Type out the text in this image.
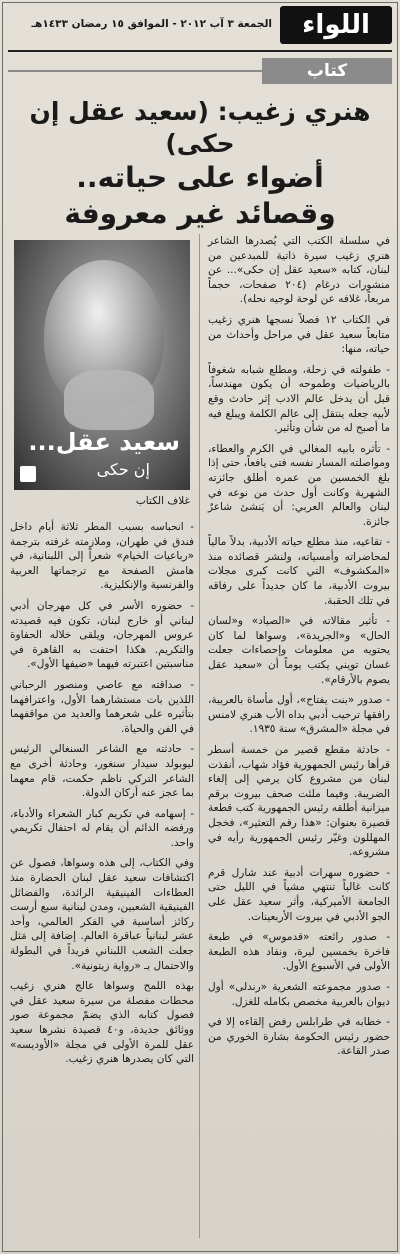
اللواء
الجمعة ٣ آب ٢٠١٢ - الموافق ١٥ رمضان ١٤٣٣هـ
كتاب
هنري زغيب: (سعيد عقل إن حكى)
أضواء على حياته..
وقصائد غير معروفة

في سلسلة الكتب التي يُصدرها الشاعر هنري زغيب سيرة ذاتية للمبدعين من لبنان، كتابه «سعيد عقل إن حكى»... عن منشورات درغام (٢٠٤ صفحات، حجماً مربعاً، غلافه عن لوحة لوجيه نحله).

في الكتاب ١٢ فصلاً نسجها هنري زغيب متابعاً سعيد عقل في مراحل وأحداث من حياته، منها:

- طفولته في زحلة، ومطلع شبابه شغوفاً بالرياضيات وطموحه أن يكون مهندساً، قبل أن يدخل عالم الادب إثر حادث وقع لأبيه جعله ينتقل إلى عالم الكلمة ويبلغ فيه ما أصبح له من شأن وتأثير.

- تأثره بابيه المغالي في الكرم والعطاء، ومواصلته المسار نفسه فتى يافعاً، حتى إذا بلغ الخمسين من عمره أطلق جائزته الشهرية وكانت أول حدث من نوعه في لبنان والعالم العربي: أن يَنشئ شاعرٌ جائزة.

- تقاعيه، منذ مطلع حياته الأدبية، بدلاً مالياً لمحاضراته وأمسياته، ولنشر قصائده منذ «المكشوف» التي كانت كبرى مجلات بيروت الأدبية، ما كان جديداً على رفاقه في تلك الحقبة.

- تأثير مقالاته في «الصياد» و«لسان الحال» و«الجريدة»، وسواها لما كان يحتويه من معلومات وإحصاءات جعلت غسان تويني يكتب يوماً أن «سعيد عقل يصوم بالأرقام».

- صدور «بنت يفتاح»، أول مأساة بالعربية، رافقها ترحيب أدبي بداه الأب هنري لامنس في مجلة «المشرق» سنة ١٩٣٥.

- حادثة مقطع قصير من خمسة أسطر قرأها رئيس الجمهورية فؤاد شهاب، أنقذت لبنان من مشروع كان يرمي إلى إلغاء الضريبة. وفيما ملئت صحف بيروت برقم ميزانية أطلقه رئيس الجمهورية كتب قطعة قصيرة بعنوان: «هذا رقم التعثير»، فخجل المهللون وغيّر رئيس الجمهورية رأيه في مشروعه.

- حضوره سهرات أدبية عند شارل قرم كانت غالباً تنتهي مشياً في الليل حتى الجامعة الأميركية، وأثر سعيد عقل على الجو الأدبي في بيروت الأربعينات.

- صدور رائعته «قدموس» في طبعة فاخرة بخمسين ليرة، ونفاد هذه الطبعة الأولى في الأسبوع الأول.

- صدور مجموعته الشعرية «رندلى» أول ديوان بالعربية مخصص بكامله للغزل.

- خطابه في طرابلس رفض إلقاءه إلا في حضور رئيس الحكومة بشارة الخوري من صدر القاعة.

سعيد عقل...
إن حكى
غلاف الكتاب

- انحباسه بسبب المطر ثلاثة أيام داخل فندق في طهران، وملازمته غرفته بترجمة «رباعيات الخيام» شعراً إلى اللبنانية، في هامش الصفحة مع ترجماتها العربية والفرنسية والإنكليزية.

- حضوره الأسر في كل مهرجان أدبي لبناني أو خارج لبنان، تكون فيه قصيدته عروس المهرجان، ويلقى خلاله الحفاوة والتكريم. هكذا احتفت به القاهرة في مناسبتين اعتبرته فيهما «ضيفها الأول».

- صداقته مع عاصي ومنصور الرحباني اللذين بات مستشارهما الأول، واعترافهما بتأثيره على شعرهما والعديد من مواقفهما في الفن والحياة.

- حادثته مع الشاعر السنغالي الرئيس ليوبولد سيدار سنغور، وحادثة أخرى مع الشاعر التركي ناظم حكمت، قام معهما بما عجز عنه أركان الدولة.

- إسهامه في تكريم كبار الشعراء والأدباء، ورفضه الدائم أن يقام له احتفال تكريمي واحد.

وفي الكتاب، إلى هذه وسواها، فصول عن اكتشافات سعيد عقل لبنان الحضارة منذ العطاءات الفينيقية الرائدة، والفضائل الفينيقية الشعبين، ومدن لبنانية سبع أرست ركائز أساسية في الفكر العالمي، وأحد عشر لبنانياً عباقرة العالم. إضافة إلى مَثل جعلت الشعب اللبناني فريداً في البطولة والاحتمال بـ «رواية زيتونية».

بهذه اللمح وسواها عالج هنري زغيب محطات مفصلة من سيرة سعيد عقل في فصول كتابه الذي يضمّ مجموعة صور ووثائق جديدة، و٤٠ قصيدة نشرها سعيد عقل للمرة الأولى في مجلة «الأوديسه» التي كان يصدرها هنري زغيب.
